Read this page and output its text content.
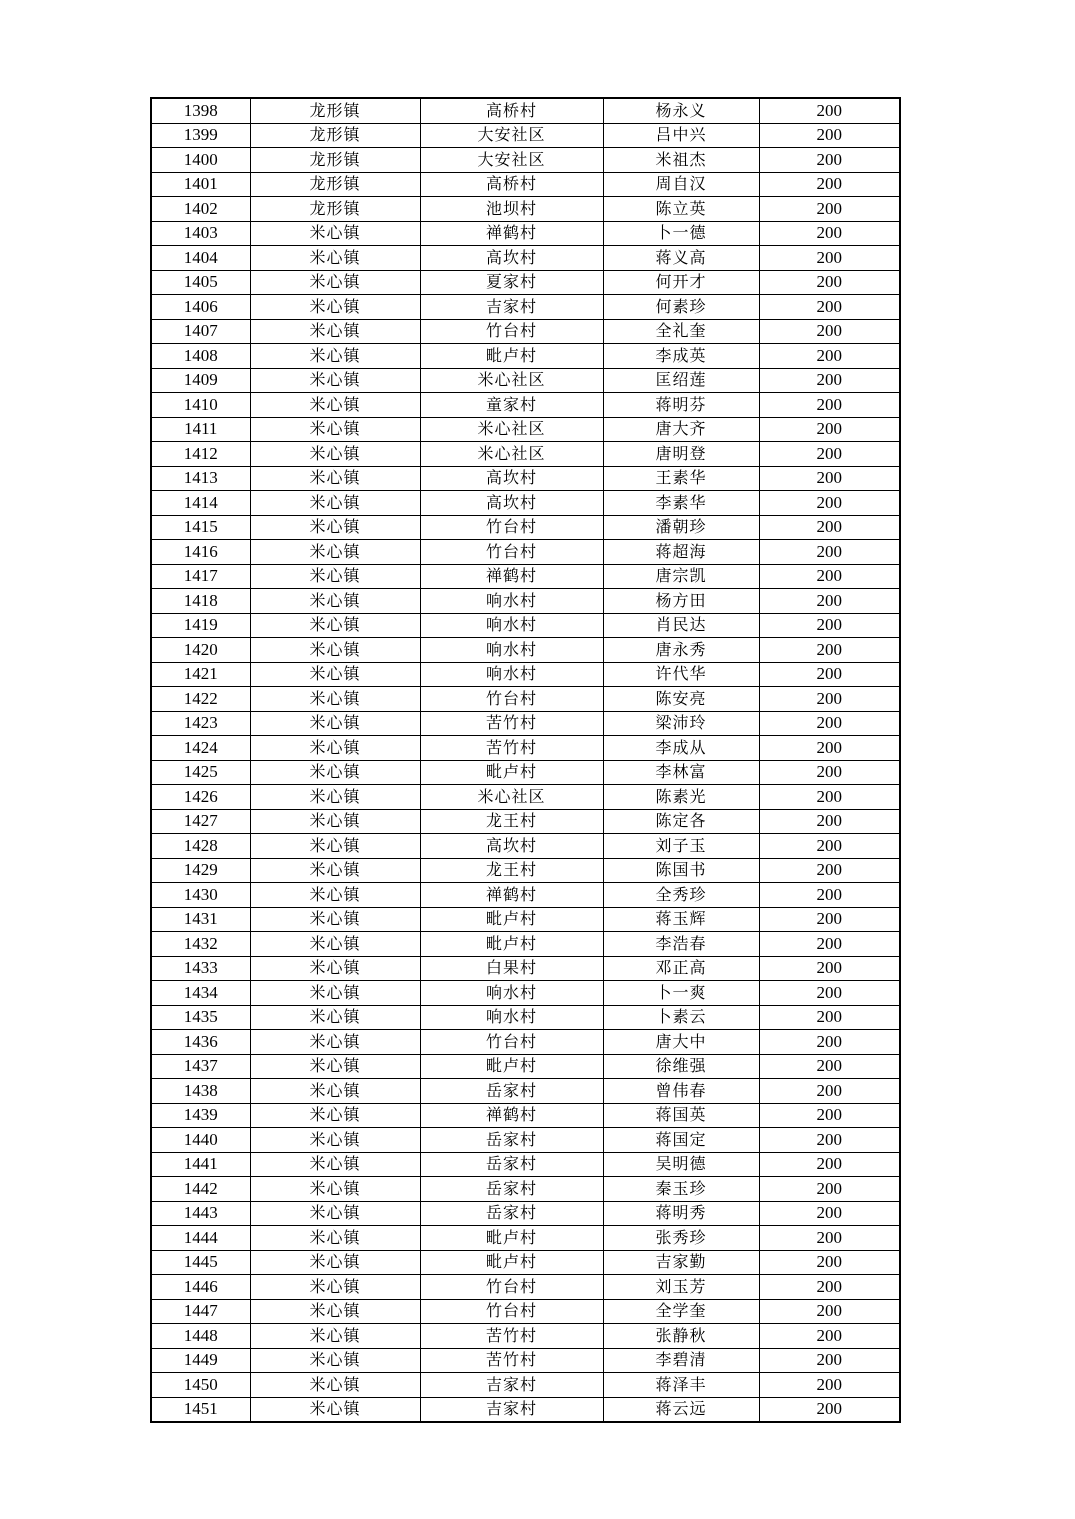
1398	龙形镇	高桥村	杨永义	200
1399	龙形镇	大安社区	吕中兴	200
1400	龙形镇	大安社区	米祖杰	200
1401	龙形镇	高桥村	周自汉	200
1402	龙形镇	池坝村	陈立英	200
1403	米心镇	禅鹤村	卜一德	200
1404	米心镇	高坎村	蒋义高	200
1405	米心镇	夏家村	何开才	200
1406	米心镇	吉家村	何素珍	200
1407	米心镇	竹台村	全礼奎	200
1408	米心镇	毗卢村	李成英	200
1409	米心镇	米心社区	匡绍莲	200
1410	米心镇	童家村	蒋明芬	200
1411	米心镇	米心社区	唐大齐	200
1412	米心镇	米心社区	唐明登	200
1413	米心镇	高坎村	王素华	200
1414	米心镇	高坎村	李素华	200
1415	米心镇	竹台村	潘朝珍	200
1416	米心镇	竹台村	蒋超海	200
1417	米心镇	禅鹤村	唐宗凯	200
1418	米心镇	响水村	杨方田	200
1419	米心镇	响水村	肖民达	200
1420	米心镇	响水村	唐永秀	200
1421	米心镇	响水村	许代华	200
1422	米心镇	竹台村	陈安亮	200
1423	米心镇	苦竹村	梁沛玲	200
1424	米心镇	苦竹村	李成从	200
1425	米心镇	毗卢村	李林富	200
1426	米心镇	米心社区	陈素光	200
1427	米心镇	龙王村	陈定各	200
1428	米心镇	高坎村	刘子玉	200
1429	米心镇	龙王村	陈国书	200
1430	米心镇	禅鹤村	全秀珍	200
1431	米心镇	毗卢村	蒋玉辉	200
1432	米心镇	毗卢村	李浩春	200
1433	米心镇	白果村	邓正高	200
1434	米心镇	响水村	卜一爽	200
1435	米心镇	响水村	卜素云	200
1436	米心镇	竹台村	唐大中	200
1437	米心镇	毗卢村	徐维强	200
1438	米心镇	岳家村	曾伟春	200
1439	米心镇	禅鹤村	蒋国英	200
1440	米心镇	岳家村	蒋国定	200
1441	米心镇	岳家村	吴明德	200
1442	米心镇	岳家村	秦玉珍	200
1443	米心镇	岳家村	蒋明秀	200
1444	米心镇	毗卢村	张秀珍	200
1445	米心镇	毗卢村	吉家勤	200
1446	米心镇	竹台村	刘玉芳	200
1447	米心镇	竹台村	全学奎	200
1448	米心镇	苦竹村	张静秋	200
1449	米心镇	苦竹村	李碧清	200
1450	米心镇	吉家村	蒋泽丰	200
1451	米心镇	吉家村	蒋云远	200
